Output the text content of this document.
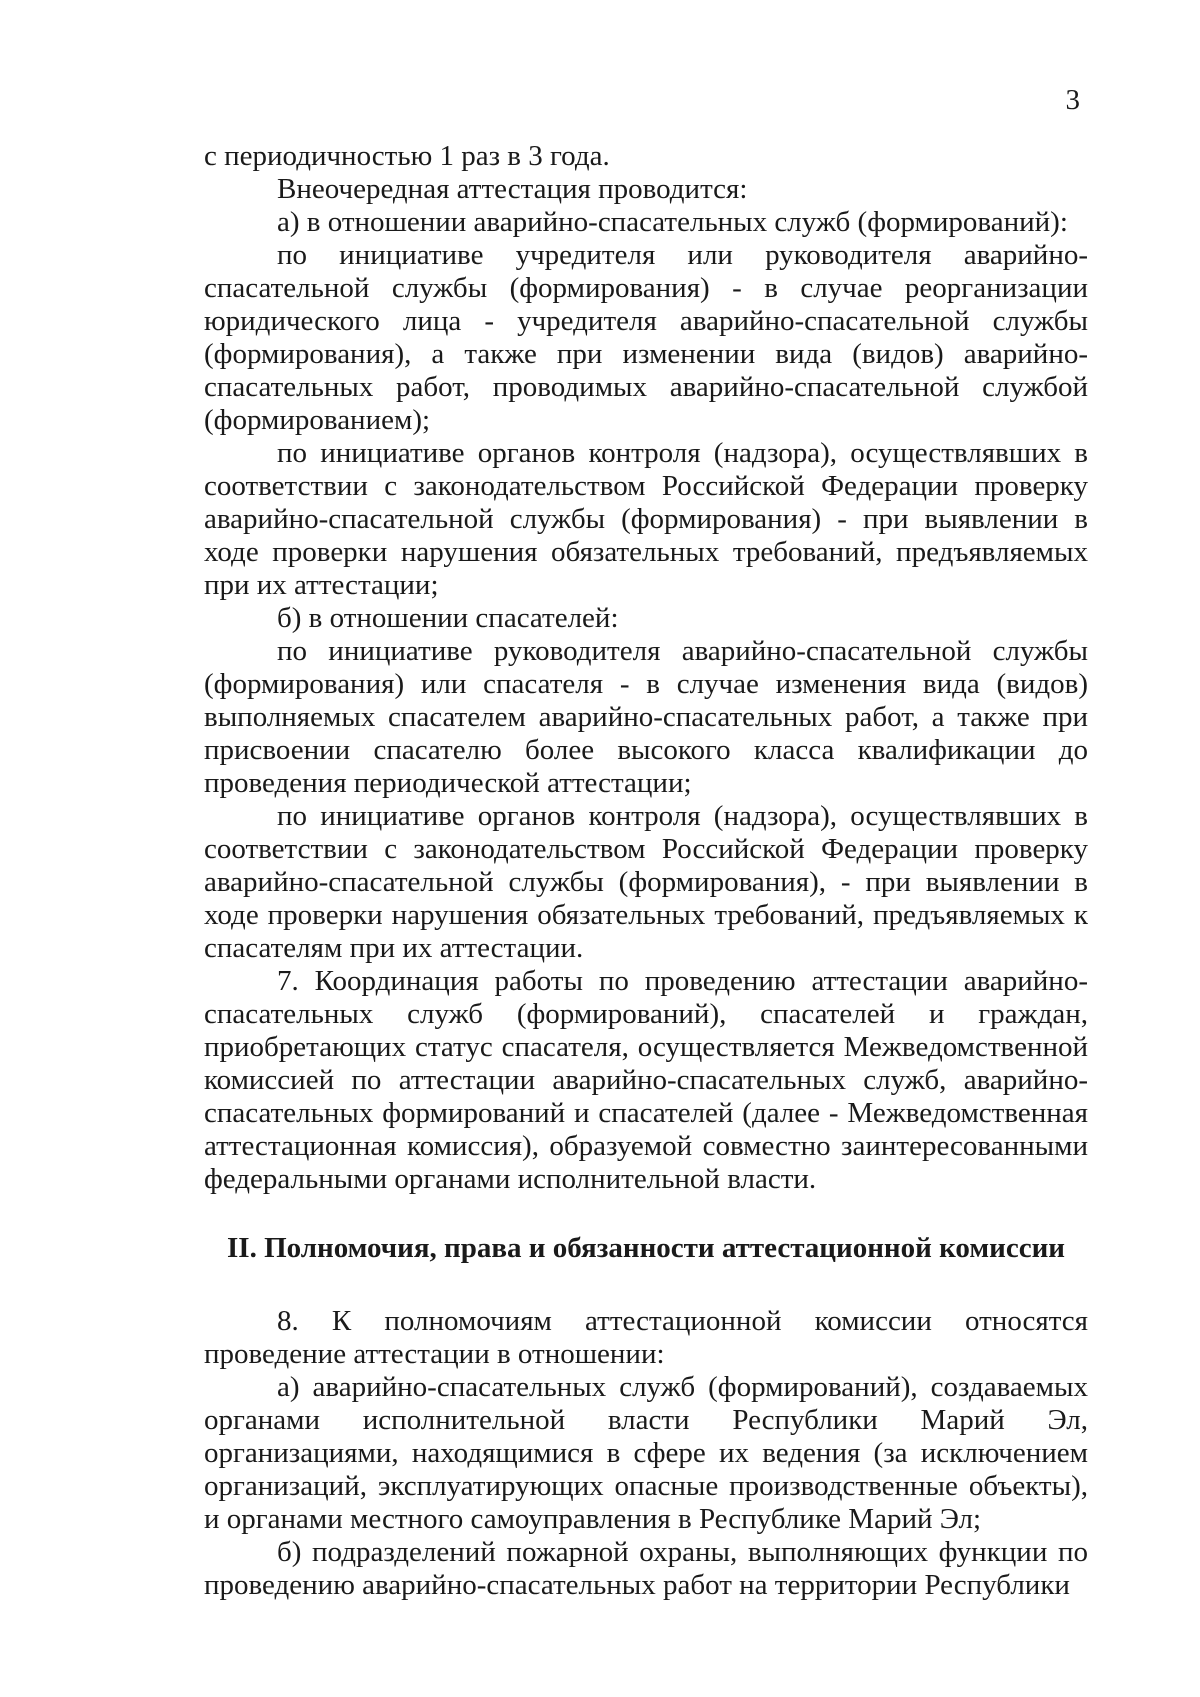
3

с периодичностью 1 раз в 3 года.

Внеочередная аттестация проводится:

а) в отношении аварийно-спасательных служб (формирований):

по инициативе учредителя или руководителя аварийно-спасательной службы (формирования) - в случае реорганизации юридического лица - учредителя аварийно-спасательной службы (формирования), а также при изменении вида (видов) аварийно-спасательных работ, проводимых аварийно-спасательной службой (формированием);

по инициативе органов контроля (надзора), осуществлявших в соответствии с законодательством Российской Федерации проверку аварийно-спасательной службы (формирования) - при выявлении в ходе проверки нарушения обязательных требований, предъявляемых при их аттестации;

б) в отношении спасателей:

по инициативе руководителя аварийно-спасательной службы (формирования) или спасателя - в случае изменения вида (видов) выполняемых спасателем аварийно-спасательных работ, а также при присвоении спасателю более высокого класса квалификации до проведения периодической аттестации;

по инициативе органов контроля (надзора), осуществлявших в соответствии с законодательством Российской Федерации проверку аварийно-спасательной службы (формирования), - при выявлении в ходе проверки нарушения обязательных требований, предъявляемых к спасателям при их аттестации.

7. Координация работы по проведению аттестации аварийно-спасательных служб (формирований), спасателей и граждан, приобретающих статус спасателя, осуществляется Межведомственной комиссией по аттестации аварийно-спасательных служб, аварийно-спасательных формирований и спасателей (далее - Межведомственная аттестационная комиссия), образуемой совместно заинтересованными федеральными органами исполнительной власти.

II. Полномочия, права и обязанности аттестационной комиссии

8. К полномочиям аттестационной комиссии относятся проведение аттестации в отношении:

а) аварийно-спасательных служб (формирований), создаваемых органами исполнительной власти Республики Марий Эл, организациями, находящимися в сфере их ведения (за исключением организаций, эксплуатирующих опасные производственные объекты), и органами местного самоуправления в Республике Марий Эл;

б) подразделений пожарной охраны, выполняющих функции по проведению аварийно-спасательных работ на территории Республики
